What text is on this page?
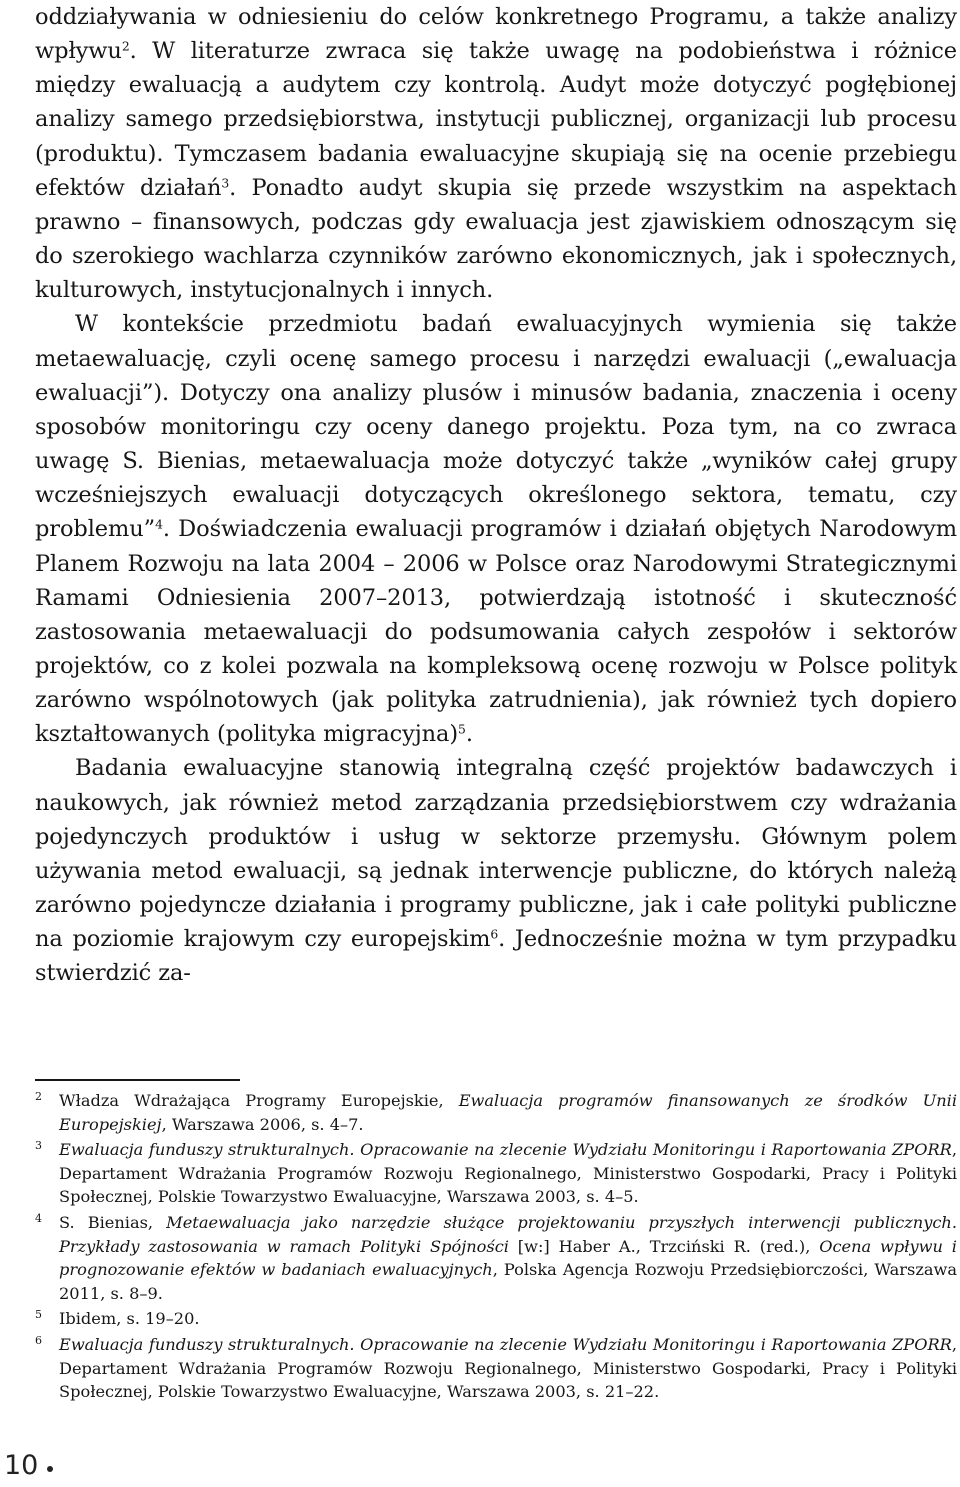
oddziaływania w odniesieniu do celów konkretnego Programu, a także analizy wpływu$^2$. W literaturze zwraca się także uwagę na podobieństwa i różnice między ewaluacją a audytem czy kontrolą. Audyt może dotyczyć pogłębionej analizy samego przedsiębiorstwa, instytucji publicznej, organizacji lub procesu (produktu). Tymczasem badania ewaluacyjne skupiają się na ocenie przebiegu efektów działań$^3$. Ponadto audyt skupia się przede wszystkim na aspektach prawno – finansowych, podczas gdy ewaluacja jest zjawiskiem odnoszącym się do szerokiego wachlarza czynników zarówno ekonomicznych, jak i społecznych, kulturowych, instytucjonalnych i innych.

W kontekście przedmiotu badań ewaluacyjnych wymienia się także metaewaluację, czyli ocenę samego procesu i narzędzi ewaluacji („ewaluacja ewaluacji”). Dotyczy ona analizy plusów i minusów badania, znaczenia i oceny sposobów monitoringu czy oceny danego projektu. Poza tym, na co zwraca uwagę S. Bienias, metaewaluacja może dotyczyć także „wyników całej grupy wcześniejszych ewaluacji dotyczących określonego sektora, tematu, czy problemu”$^4$. Doświadczenia ewaluacji programów i działań objętych Narodowym Planem Rozwoju na lata 2004 – 2006 w Polsce oraz Narodowymi Strategicznymi Ramami Odniesienia 2007–2013, potwierdzają istotność i skuteczność zastosowania metaewaluacji do podsumowania całych zespołów i sektorów projektów, co z kolei pozwala na kompleksową ocenę rozwoju w Polsce polityk zarówno wspólnotowych (jak polityka zatrudnienia), jak również tych dopiero kształtowanych (polityka migracyjna)$^5$.

Badania ewaluacyjne stanowią integralną część projektów badawczych i naukowych, jak również metod zarządzania przedsiębiorstwem czy wdrażania pojedynczych produktów i usług w sektorze przemysłu. Głównym polem używania metod ewaluacji, są jednak interwencje publiczne, do których należą zarówno pojedyncze działania i programy publiczne, jak i całe polityki publiczne na poziomie krajowym czy europejskim$^6$. Jednocześnie można w tym przypadku stwierdzić za-

2 Władza Wdrażająca Programy Europejskie, Ewaluacja programów finansowanych ze środków Unii Europejskiej, Warszawa 2006, s. 4–7.
3 Ewaluacja funduszy strukturalnych. Opracowanie na zlecenie Wydziału Monitoringu i Raportowania ZPORR, Departament Wdrażania Programów Rozwoju Regionalnego, Ministerstwo Gospodarki, Pracy i Polityki Społecznej, Polskie Towarzystwo Ewaluacyjne, Warszawa 2003, s. 4–5.
4 S. Bienias, Metaewaluacja jako narzędzie służące projektowaniu przyszłych interwencji publicznych. Przykłady zastosowania w ramach Polityki Spójności [w:] Haber A., Trzciński R. (red.), Ocena wpływu i prognozowanie efektów w badaniach ewaluacyjnych, Polska Agencja Rozwoju Przedsiębiorczości, Warszawa 2011, s. 8–9.
5 Ibidem, s. 19–20.
6 Ewaluacja funduszy strukturalnych. Opracowanie na zlecenie Wydziału Monitoringu i Raportowania ZPORR, Departament Wdrażania Programów Rozwoju Regionalnego, Ministerstwo Gospodarki, Pracy i Polityki Społecznej, Polskie Towarzystwo Ewaluacyjne, Warszawa 2003, s. 21–22.
10
